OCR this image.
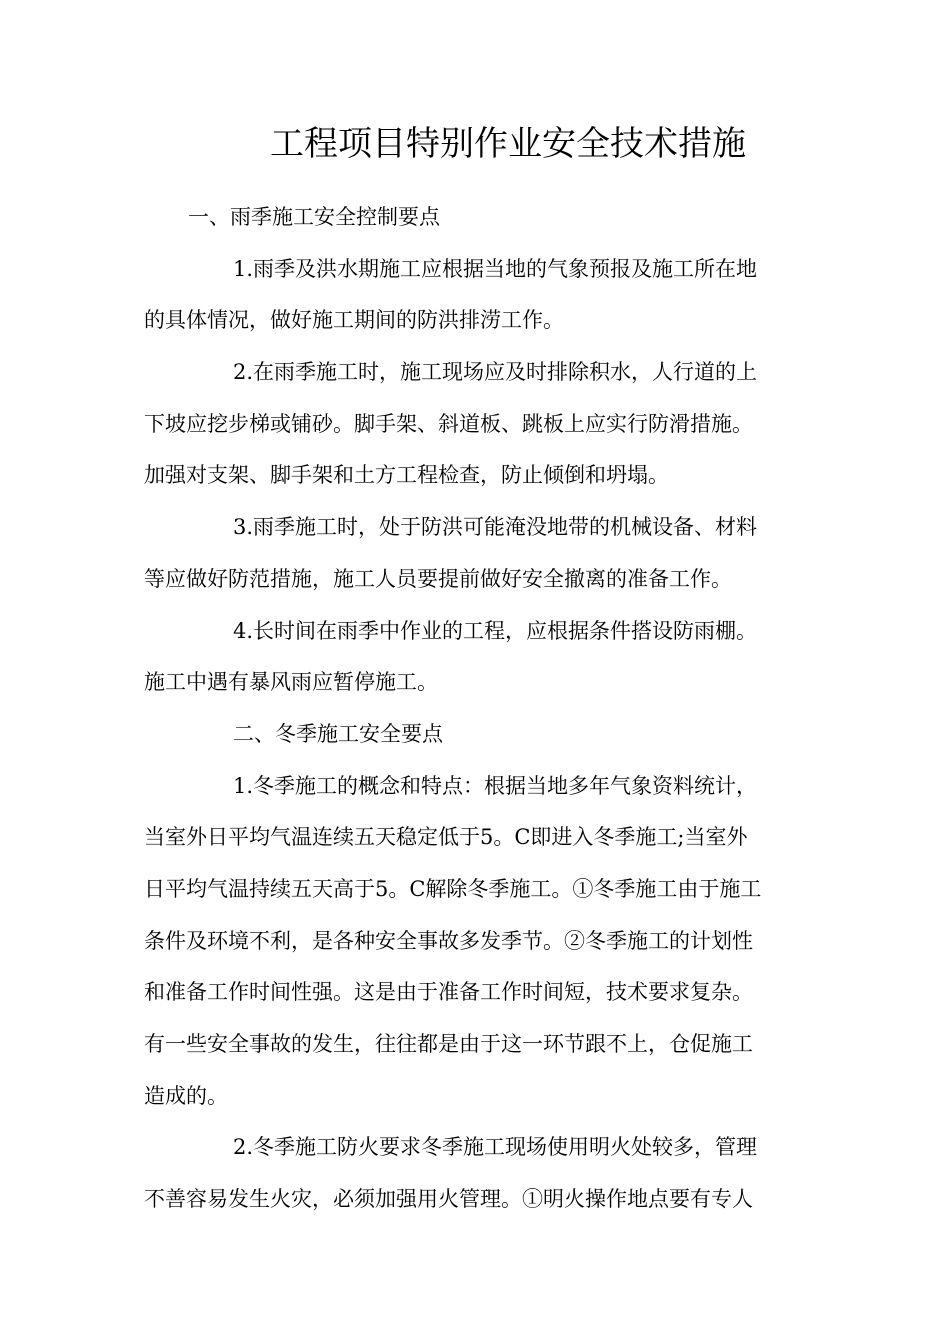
工程项目特别作业安全技术措施
一、雨季施工安全控制要点
1.雨季及洪水期施工应根据当地的气象预报及施工所在地
的具体情况，做好施工期间的防洪排涝工作。
2.在雨季施工时，施工现场应及时排除积水，人行道的上
下坡应挖步梯或铺砂。脚手架、斜道板、跳板上应实行防滑措施。
加强对支架、脚手架和土方工程检查，防止倾倒和坍塌。
3.雨季施工时，处于防洪可能淹没地带的机械设备、材料
等应做好防范措施，施工人员要提前做好安全撤离的准备工作。
4.长时间在雨季中作业的工程，应根据条件搭设防雨棚。
施工中遇有暴风雨应暂停施工。
二、冬季施工安全要点
1.冬季施工的概念和特点：根据当地多年气象资料统计，
当室外日平均气温连续五天稳定低于5。C即进入冬季施工;当室外
日平均气温持续五天高于5。C解除冬季施工。①冬季施工由于施工
条件及环境不利，是各种安全事故多发季节。②冬季施工的计划性
和准备工作时间性强。这是由于准备工作时间短，技术要求复杂。
有一些安全事故的发生，往往都是由于这一环节跟不上，仓促施工
造成的。
2.冬季施工防火要求冬季施工现场使用明火处较多，管理
不善容易发生火灾，必须加强用火管理。①明火操作地点要有专人
